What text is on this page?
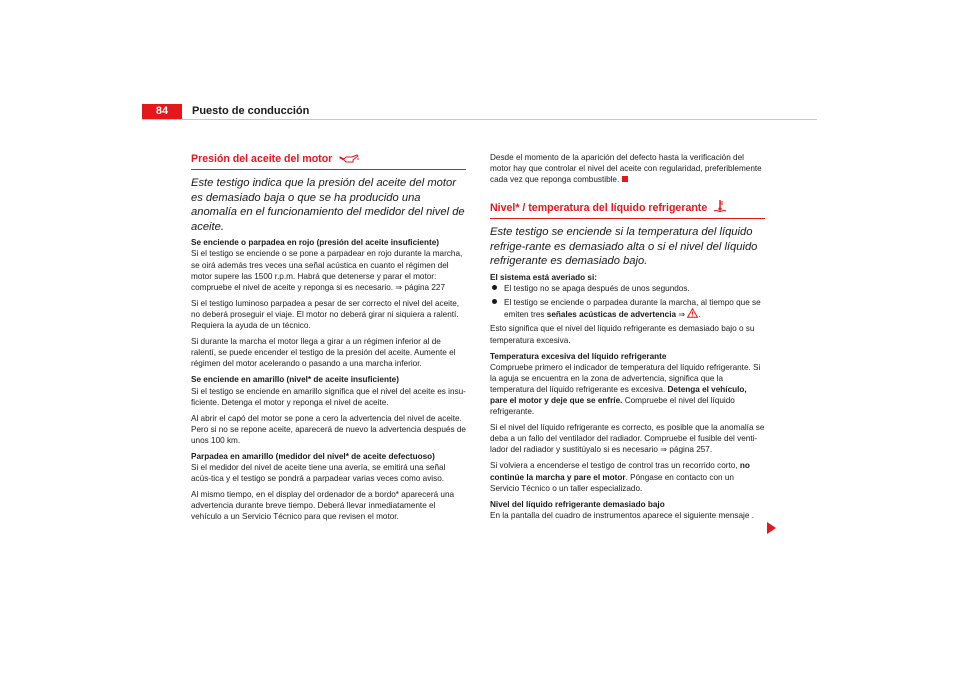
84	Puesto de conducción
Presión del aceite del motor
Este testigo indica que la presión del aceite del motor es demasiado baja o que se ha producido una anomalía en el funcionamiento del medidor del nivel de aceite.
Se enciende o parpadea en rojo (presión del aceite insuficiente)

Si el testigo se enciende o se pone a parpadear en rojo durante la marcha, se oirá además tres veces una señal acústica en cuanto el régimen del motor supere las 1500 r.p.m. Habrá que detenerse y parar el motor: compruebe el nivel de aceite y reponga si es necesario. ⇒ página 227

Si el testigo luminoso parpadea a pesar de ser correcto el nivel del aceite, no deberá proseguir el viaje. El motor no deberá girar ni siquiera a ralentí. Requiera la ayuda de un técnico.

Si durante la marcha el motor llega a girar a un régimen inferior al de ralentí, se puede encender el testigo de la presión del aceite. Aumente el régimen del motor acelerando o pasando a una marcha inferior.

Se enciende en amarillo (nivel* de aceite insuficiente)

Si el testigo se enciende en amarillo significa que el nivel del aceite es insu-ficiente. Detenga el motor y reponga el nivel de aceite.

Al abrir el capó del motor se pone a cero la advertencia del nivel de aceite. Pero si no se repone aceite, aparecerá de nuevo la advertencia después de unos 100 km.

Parpadea en amarillo (medidor del nivel* de aceite defectuoso)

Si el medidor del nivel de aceite tiene una avería, se emitirá una señal acús-tica y el testigo se pondrá a parpadear varias veces como aviso.

Al mismo tiempo, en el display del ordenador de a bordo* aparecerá una advertencia durante breve tiempo. Deberá llevar inmediatamente el vehículo a un Servicio Técnico para que revisen el motor.

Desde el momento de la aparición del defecto hasta la verificación del motor hay que controlar el nivel del aceite con regularidad, preferiblemente cada vez que reponga combustible.

Nivel* / temperatura del líquido refrigerante
Este testigo se enciende si la temperatura del líquido refrige-rante es demasiado alta o si el nivel del líquido refrigerante es demasiado bajo.
El sistema está averiado si:
El testigo no se apaga después de unos segundos.
El testigo se enciende o parpadea durante la marcha, al tiempo que se emiten tres señales acústicas de advertencia ⇒ .

Esto significa que el nivel del líquido refrigerante es demasiado bajo o su temperatura excesiva.

Temperatura excesiva del líquido refrigerante

Compruebe primero el indicador de temperatura del líquido refrigerante. Si la aguja se encuentra en la zona de advertencia, significa que la temperatura del líquido refrigerante es excesiva. Detenga el vehículo, pare el motor y deje que se enfríe. Compruebe el nivel del líquido refrigerante.

Si el nivel del líquido refrigerante es correcto, es posible que la anomalía se deba a un fallo del ventilador del radiador. Compruebe el fusible del venti-lador del radiador y sustitúyalo si es necesario ⇒ página 257.

Si volviera a encenderse el testigo de control tras un recorrido corto, no continúe la marcha y pare el motor. Póngase en contacto con un Servicio Técnico o un taller especializado.

Nivel del líquido refrigerante demasiado bajo

En la pantalla del cuadro de instrumentos aparece el siguiente mensaje .
